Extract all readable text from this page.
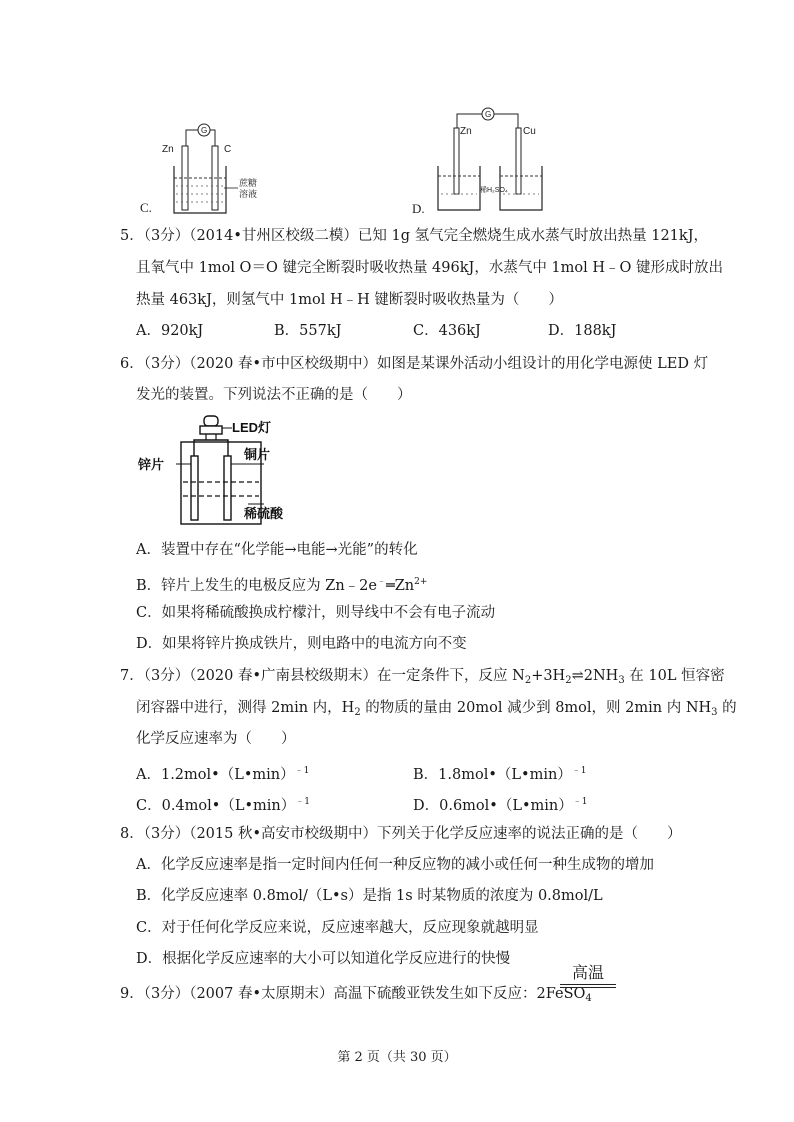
C.
Zn	C
G
蔗糖
溶液
D.
G
Zn	Cu
稀H₂SO₄
5．（3分）（2014•甘州区校级二模）已知 1g 氢气完全燃烧生成水蒸气时放出热量 121kJ，
且氧气中 1mol O＝O 键完全断裂时吸收热量 496kJ，水蒸气中 1mol H﹣O 键形成时放出
热量 463kJ，则氢气中 1mol H﹣H 键断裂时吸收热量为（　　）
A．920kJ	B．557kJ	C．436kJ	D．188kJ
6．（3分）（2020 春•市中区校级期中）如图是某课外活动小组设计的用化学电源使 LED 灯
发光的装置。下列说法不正确的是（　　）
LED灯
锌片
铜片
稀硫酸
A．装置中存在“化学能→电能→光能”的转化
B．锌片上发生的电极反应为 $Zn﹣2e^﹣═Zn^{2+}$
C．如果将稀硫酸换成柠檬汁，则导线中不会有电子流动
D．如果将锌片换成铁片，则电路中的电流方向不变
7．（3分）（2020 春•广南县校级期末）在一定条件下，反应 $N_2+3H_2\rightleftharpoons 2NH_3$ 在 10L 恒容密
闭容器中进行，测得 2min 内，$H_2$ 的物质的量由 20mol 减少到 8mol，则 2min 内 $NH_3$ 的
化学反应速率为（　　）
A．1.2mol•（L•min）$^{﹣1}$	B．1.8mol•（L•min）$^{﹣1}$
C．0.4mol•（L•min）$^{﹣1}$	D．0.6mol•（L•min）$^{﹣1}$
8．（3分）（2015 秋•高安市校级期中）下列关于化学反应速率的说法正确的是（　　）
A．化学反应速率是指一定时间内任何一种反应物的减小或任何一种生成物的增加
B．化学反应速率 0.8mol/（L•s）是指 1s 时某物质的浓度为 0.8mol/L
C．对于任何化学反应来说，反应速率越大，反应现象就越明显
D．根据化学反应速率的大小可以知道化学反应进行的快慢
9．（3分）（2007 春•太原期末）高温下硫酸亚铁发生如下反应：2FeSO$_4$
高温
第 2 页（共 30 页）
